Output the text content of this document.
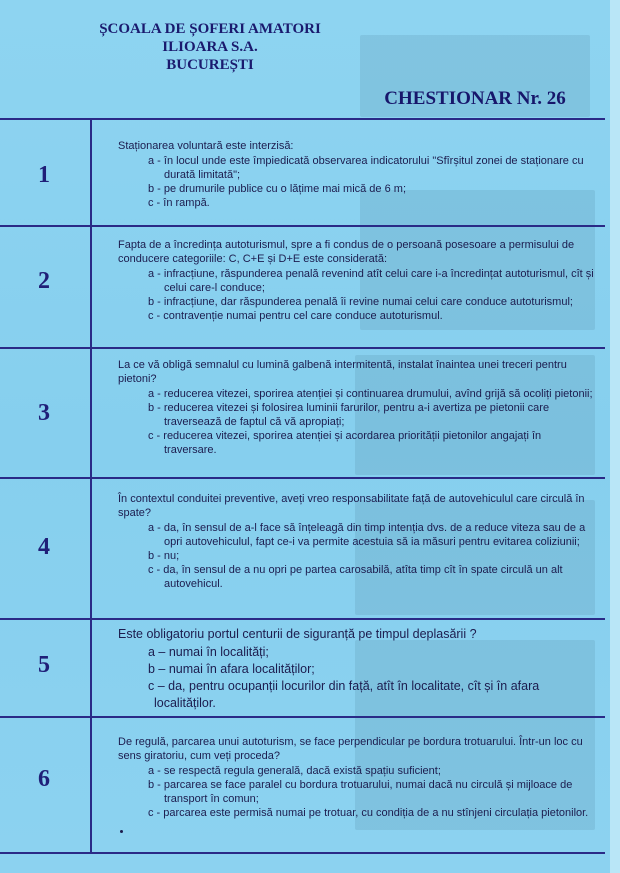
ȘCOALA DE ȘOFERI AMATORI
ILIOARA S.A.
BUCUREȘTI
CHESTIONAR Nr. 26
1

Staționarea voluntară este interzisă:

a - în locul unde este împiedicată observarea indicatorului "Sfîrșitul zonei de staționare cu durată limitată";

b - pe drumurile publice cu o lățime mai mică de 6 m;

c - în rampă.

2

Fapta de a încredința autoturismul, spre a fi condus de o persoană posesoare a permisului de conducere categoriile: C, C+E și D+E este considerată:

a - infracțiune, răspunderea penală revenind atît celui care i-a încredințat autoturismul, cît și celui care-l conduce;

b - infracțiune, dar răspunderea penală îi revine numai celui care conduce autoturismul;

c - contravenție numai pentru cel care conduce autoturismul.

3

La ce vă obligă semnalul cu lumină galbenă intermitentă, instalat înaintea unei treceri pentru pietoni?

a - reducerea vitezei, sporirea atenției și continuarea drumului, avînd grijă să ocoliți pietonii;

b - reducerea vitezei și folosirea luminii farurilor, pentru a-i avertiza pe pietonii care traversează de faptul că vă apropiați;

c - reducerea vitezei, sporirea atenției și acordarea priorității pietonilor angajați în traversare.

4

În contextul conduitei preventive, aveți vreo responsabilitate față de autovehiculul care circulă în spate?

a - da, în sensul de a-l face să înțeleagă din timp intenția dvs. de a reduce viteza sau de a opri autovehiculul, fapt ce-i va permite acestuia să ia măsuri pentru evitarea coliziunii;

b - nu;

c - da, în sensul de a nu opri pe partea carosabilă, atîta timp cît în spate circulă un alt autovehicul.

5

Este obligatoriu portul centurii de siguranță pe timpul deplasării ?

a – numai în localități;

b – numai în afara localităților;

c – da, pentru ocupanții locurilor din față, atît în localitate, cît și în afara localităților.

6

De regulă, parcarea unui autoturism, se face perpendicular pe bordura trotuarului. Într-un loc cu sens giratoriu, cum veți proceda?

a - se respectă regula generală, dacă există spațiu suficient;

b - parcarea se face paralel cu bordura trotuarului, numai dacă nu circulă și mijloace de transport în comun;

c - parcarea este permisă numai pe trotuar, cu condiția de a nu stînjeni circulația pietonilor.
